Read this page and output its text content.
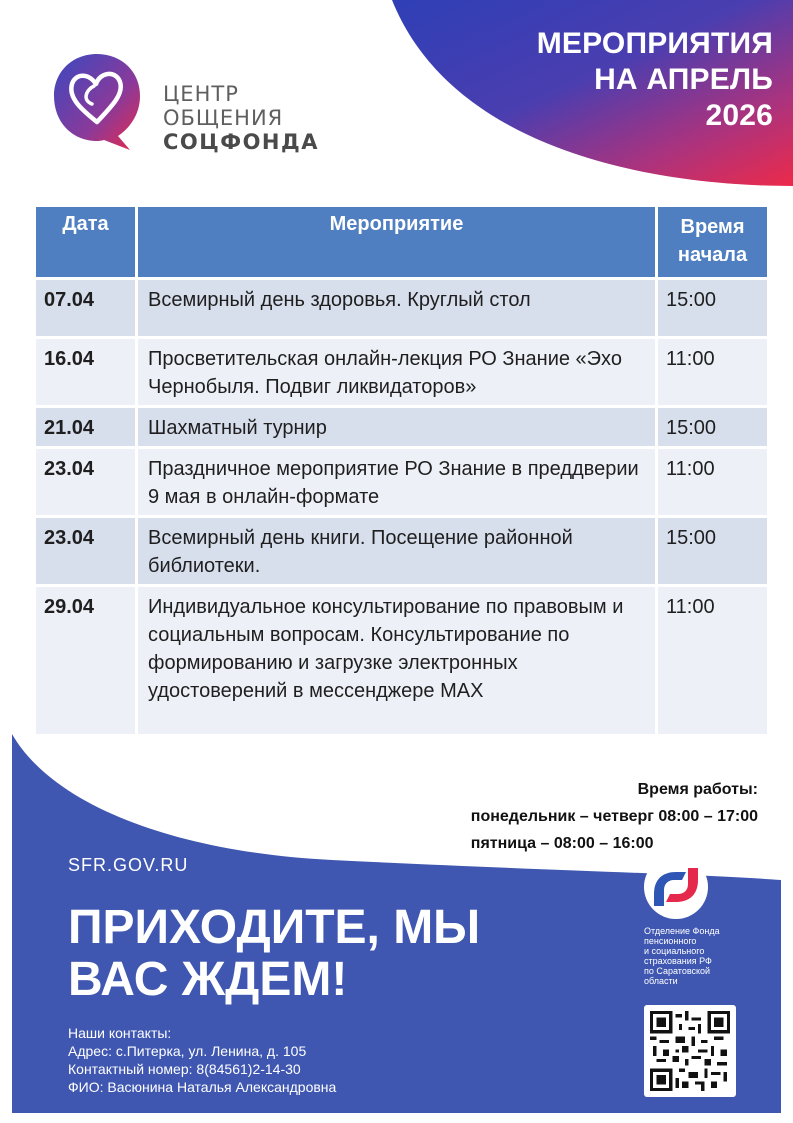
МЕРОПРИЯТИЯ
НА АПРЕЛЬ
2026
ЦЕНТР
ОБЩЕНИЯ
СОЦФОНДА
Дата	Мероприятие	Время
начала
07.04	Всемирный день здоровья. Круглый стол	15:00
16.04	Просветительская онлайн-лекция РО Знание «Эхо Чернобыля. Подвиг ликвидаторов»	11:00
21.04	Шахматный турнир	15:00
23.04	Праздничное мероприятие РО Знание в преддверии 9 мая в онлайн-формате	11:00
23.04	Всемирный день книги. Посещение районной библиотеки.	15:00
29.04	Индивидуальное консультирование по правовым и социальным вопросам. Консультирование по формированию и загрузке электронных удостоверений в мессенджере MAX	11:00
Время работы:
понедельник – четверг 08:00 – 17:00
пятница – 08:00 – 16:00
SFR.GOV.RU
ПРИХОДИТЕ, МЫ
ВАС ЖДЕМ!
Наши контакты:
Адрес: с.Питерка, ул. Ленина, д. 105
Контактный номер: 8(84561)2-14-30
ФИО: Васюнина Наталья Александровна
Отделение Фонда
пенсионного
и социального
страхования РФ
по Саратовской
области
